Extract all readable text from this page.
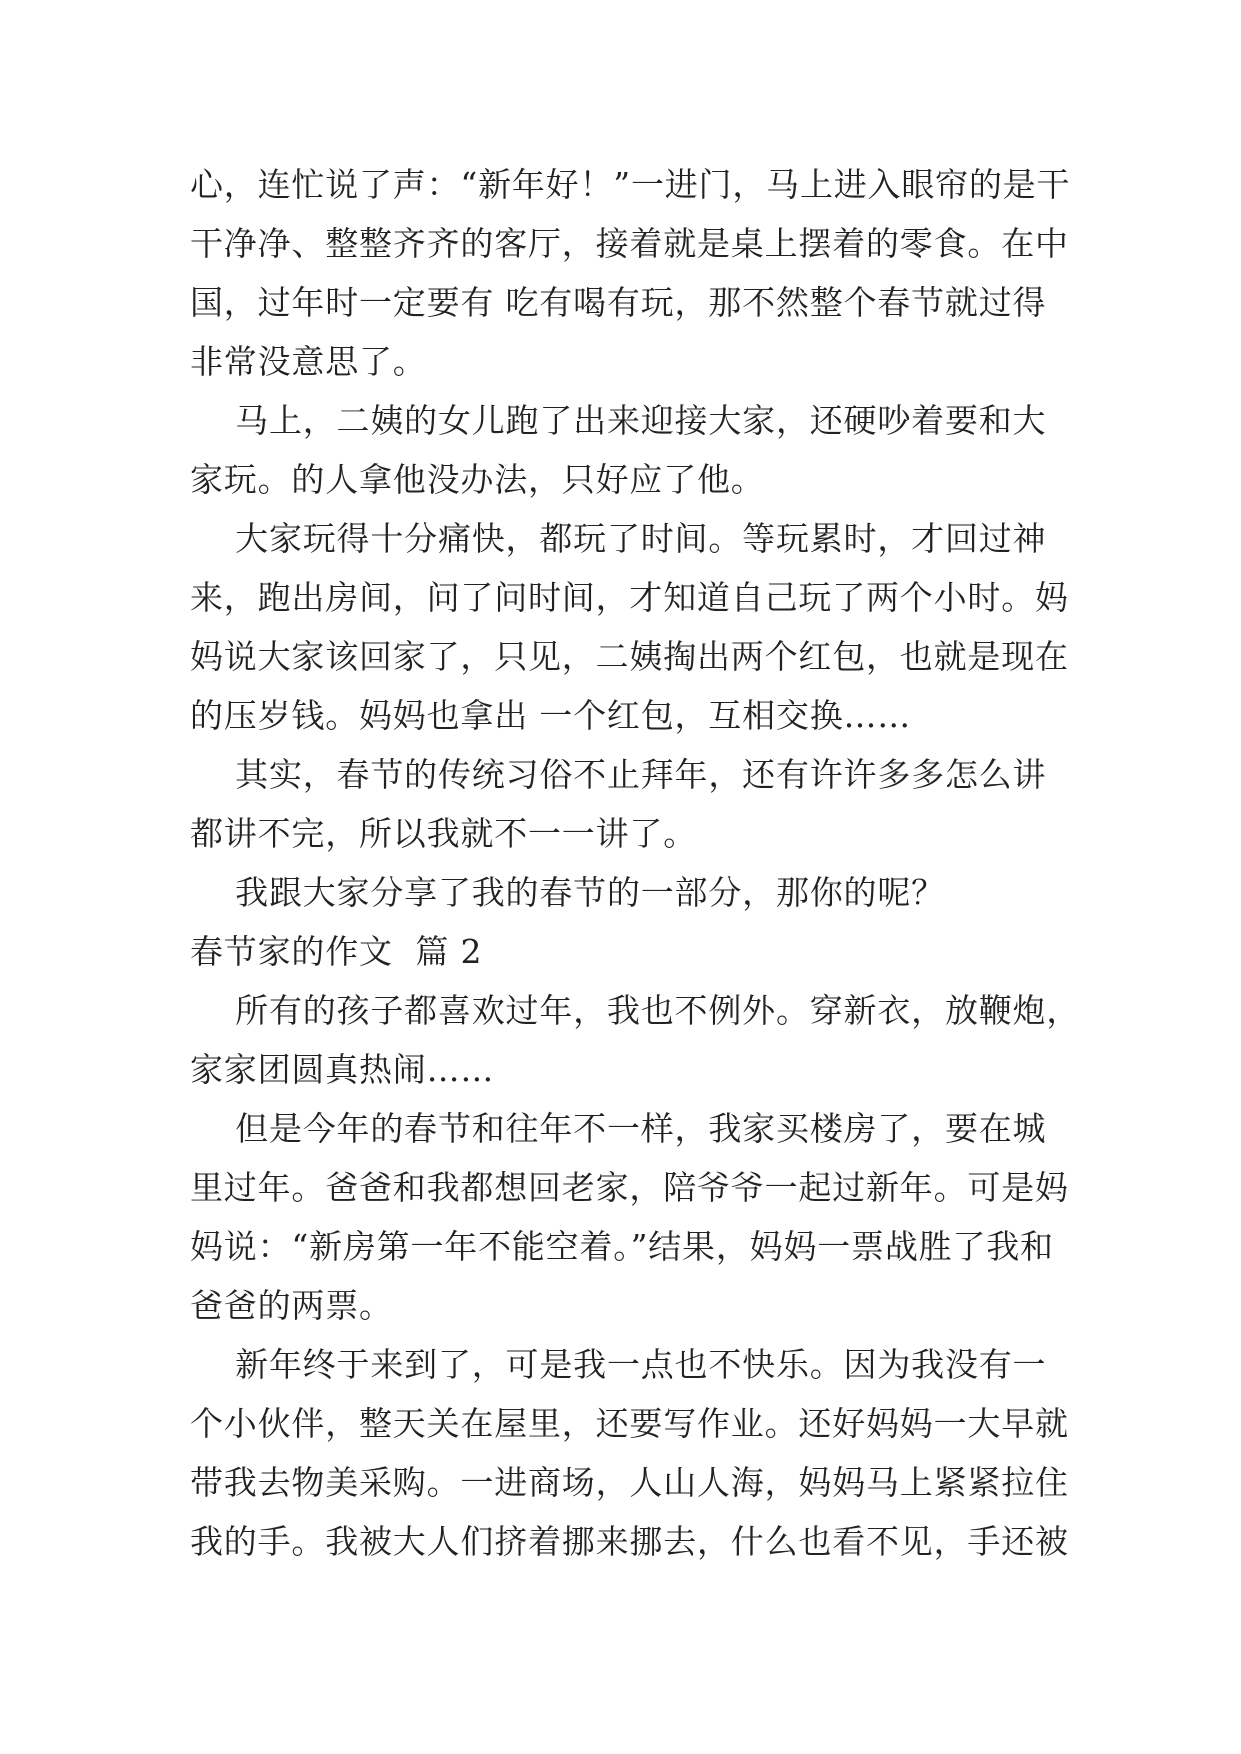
心，连忙说了声：“新年好！”一进门，马上进入眼帘的是干
干净净、整整齐齐的客厅，接着就是桌上摆着的零食。在中
国，过年时一定要有 吃有喝有玩，那不然整个春节就过得
非常没意思了。
马上，二姨的女儿跑了出来迎接大家，还硬吵着要和大
家玩。的人拿他没办法，只好应了他。
大家玩得十分痛快，都玩了时间。等玩累时，才回过神
来，跑出房间，问了问时间，才知道自己玩了两个小时。妈
妈说大家该回家了，只见，二姨掏出两个红包，也就是现在
的压岁钱。妈妈也拿出 一个红包，互相交换……
其实，春节的传统习俗不止拜年，还有许许多多怎么讲
都讲不完，所以我就不一一讲了。
我跟大家分享了我的春节的一部分，那你的呢？
春节家的作文  篇 2
所有的孩子都喜欢过年，我也不例外。穿新衣，放鞭炮，
家家团圆真热闹……
但是今年的春节和往年不一样，我家买楼房了，要在城
里过年。爸爸和我都想回老家，陪爷爷一起过新年。可是妈
妈说：“新房第一年不能空着。”结果，妈妈一票战胜了我和
爸爸的两票。
新年终于来到了，可是我一点也不快乐。因为我没有一
个小伙伴，整天关在屋里，还要写作业。还好妈妈一大早就
带我去物美采购。一进商场，人山人海，妈妈马上紧紧拉住
我的手。我被大人们挤着挪来挪去，什么也看不见，手还被
